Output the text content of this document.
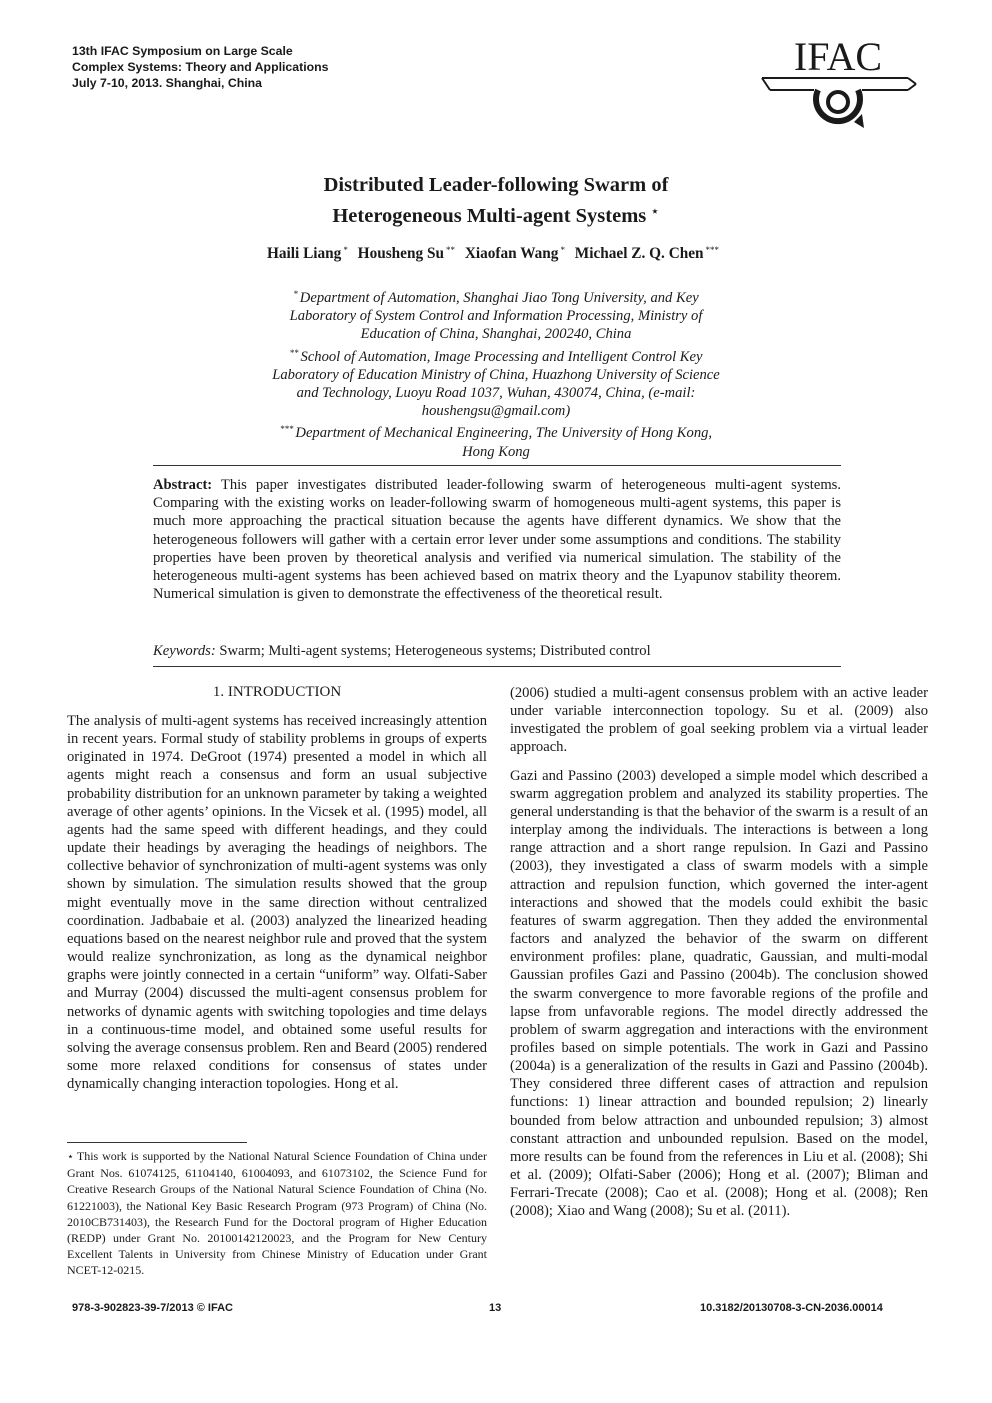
13th IFAC Symposium on Large Scale
Complex Systems: Theory and Applications
July 7-10, 2013. Shanghai, China
IFAC
Distributed Leader-following Swarm of
Heterogeneous Multi-agent Systems ⋆
Haili Liang * Housheng Su ** Xiaofan Wang * Michael Z. Q. Chen ***
* Department of Automation, Shanghai Jiao Tong University, and Key
Laboratory of System Control and Information Processing, Ministry of
Education of China, Shanghai, 200240, China
** School of Automation, Image Processing and Intelligent Control Key
Laboratory of Education Ministry of China, Huazhong University of Science
and Technology, Luoyu Road 1037, Wuhan, 430074, China, (e-mail:
houshengsu@gmail.com)
*** Department of Mechanical Engineering, The University of Hong Kong,
Hong Kong
Abstract: This paper investigates distributed leader-following swarm of heterogeneous multi-agent systems. Comparing with the existing works on leader-following swarm of homogeneous multi-agent systems, this paper is much more approaching the practical situation because the agents have different dynamics. We show that the heterogeneous followers will gather with a certain error lever under some assumptions and conditions. The stability properties have been proven by theoretical analysis and verified via numerical simulation. The stability of the heterogeneous multi-agent systems has been achieved based on matrix theory and the Lyapunov stability theorem. Numerical simulation is given to demonstrate the effectiveness of the theoretical result.
Keywords: Swarm; Multi-agent systems; Heterogeneous systems; Distributed control
1. INTRODUCTION

The analysis of multi-agent systems has received increasingly attention in recent years. Formal study of stability problems in groups of experts originated in 1974. DeGroot (1974) presented a model in which all agents might reach a consensus and form an usual subjective probability distribution for an unknown parameter by taking a weighted average of other agents’ opinions. In the Vicsek et al. (1995) model, all agents had the same speed with different headings, and they could update their headings by averaging the headings of neighbors. The collective behavior of synchronization of multi-agent systems was only shown by simulation. The simulation results showed that the group might eventually move in the same direction without centralized coordination. Jadbabaie et al. (2003) analyzed the linearized heading equations based on the nearest neighbor rule and proved that the system would realize synchronization, as long as the dynamical neighbor graphs were jointly connected in a certain “uniform” way. Olfati-Saber and Murray (2004) discussed the multi-agent consensus problem for networks of dynamic agents with switching topologies and time delays in a continuous-time model, and obtained some useful results for solving the average consensus problem. Ren and Beard (2005) rendered some more relaxed conditions for consensus of states under dynamically changing interaction topologies. Hong et al.

⋆ This work is supported by the National Natural Science Foundation of China under Grant Nos. 61074125, 61104140, 61004093, and 61073102, the Science Fund for Creative Research Groups of the National Natural Science Foundation of China (No. 61221003), the National Key Basic Research Program (973 Program) of China (No. 2010CB731403), the Research Fund for the Doctoral program of Higher Education (REDP) under Grant No. 20100142120023, and the Program for New Century Excellent Talents in University from Chinese Ministry of Education under Grant NCET-12-0215.

(2006) studied a multi-agent consensus problem with an active leader under variable interconnection topology. Su et al. (2009) also investigated the problem of goal seeking problem via a virtual leader approach.

Gazi and Passino (2003) developed a simple model which described a swarm aggregation problem and analyzed its stability properties. The general understanding is that the behavior of the swarm is a result of an interplay among the individuals. The interactions is between a long range attraction and a short range repulsion. In Gazi and Passino (2003), they investigated a class of swarm models with a simple attraction and repulsion function, which governed the inter-agent interactions and showed that the models could exhibit the basic features of swarm aggregation. Then they added the environmental factors and analyzed the behavior of the swarm on different environment profiles: plane, quadratic, Gaussian, and multi-modal Gaussian profiles Gazi and Passino (2004b). The conclusion showed the swarm convergence to more favorable regions of the profile and lapse from unfavorable regions. The model directly addressed the problem of swarm aggregation and interactions with the environment profiles based on simple potentials. The work in Gazi and Passino (2004a) is a generalization of the results in Gazi and Passino (2004b). They considered three different cases of attraction and repulsion functions: 1) linear attraction and bounded repulsion; 2) linearly bounded from below attraction and unbounded repulsion; 3) almost constant attraction and unbounded repulsion. Based on the model, more results can be found from the references in Liu et al. (2008); Shi et al. (2009); Olfati-Saber (2006); Hong et al. (2007); Bliman and Ferrari-Trecate (2008); Cao et al. (2008); Hong et al. (2008); Ren (2008); Xiao and Wang (2008); Su et al. (2011).

978-3-902823-39-7/2013 © IFAC	13	10.3182/20130708-3-CN-2036.00014
